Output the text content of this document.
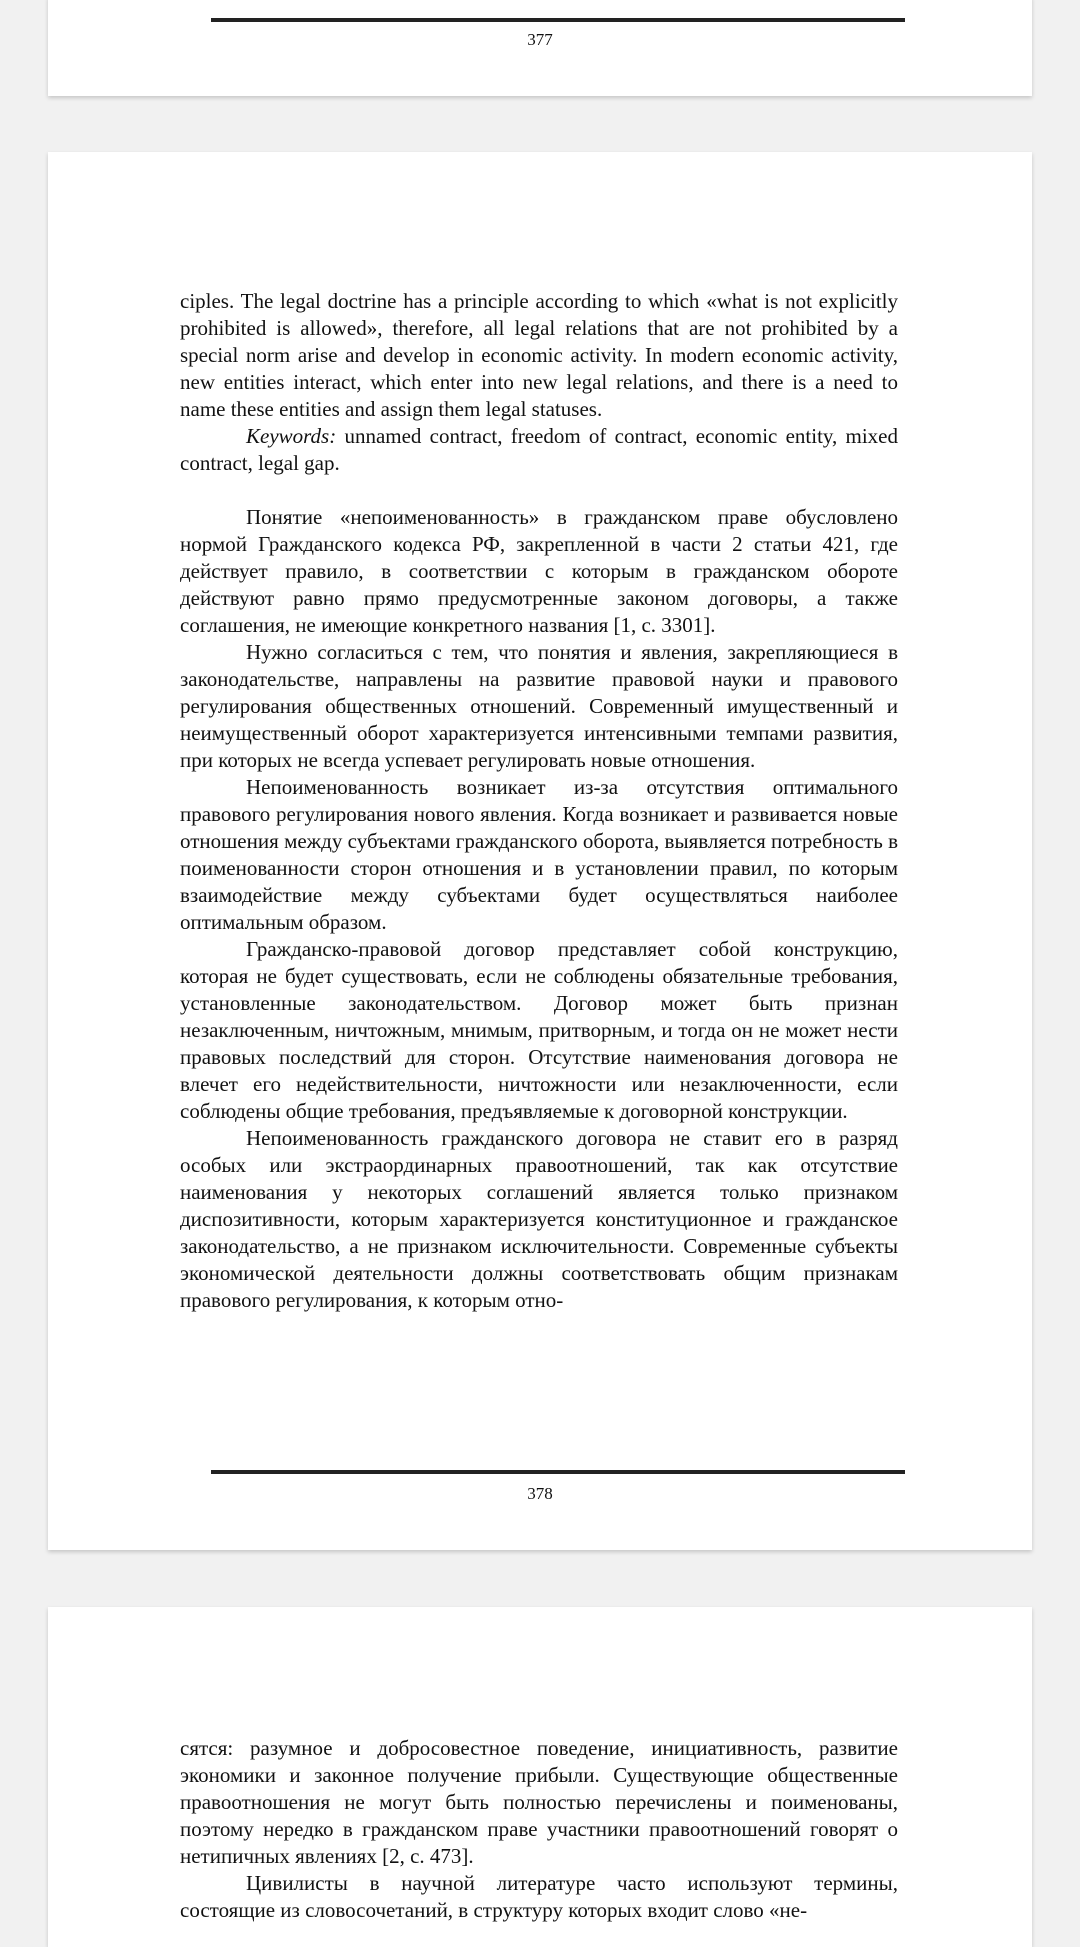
377

ciples. The legal doctrine has a principle according to which «what is not explicitly prohibited is allowed», therefore, all legal relations that are not prohibited by a special norm arise and develop in economic activity. In modern economic activity, new entities interact, which enter into new legal relations, and there is a need to name these entities and assign them legal statuses.

Keywords: unnamed contract, freedom of contract, economic entity, mixed contract, legal gap.

Понятие «непоименованность» в гражданском праве обусловлено нормой Гражданского кодекса РФ, закрепленной в части 2 статьи 421, где действует правило, в соответствии с которым в гражданском обороте действуют равно прямо предусмотренные законом договоры, а также соглашения, не имеющие конкретного названия [1, с. 3301].

Нужно согласиться с тем, что понятия и явления, закрепляющиеся в законодательстве, направлены на развитие правовой науки и правового регулирования общественных отношений. Современный имущественный и неимущественный оборот характеризуется интенсивными темпами развития, при которых не всегда успевает регулировать новые отношения.

Непоименованность возникает из-за отсутствия оптимального правового регулирования нового явления. Когда возникает и развивается новые отношения между субъектами гражданского оборота, выявляется потребность в поименованности сторон отношения и в установлении правил, по которым взаимодействие между субъектами будет осуществляться наиболее оптимальным образом.

Гражданско-правовой договор представляет собой конструкцию, которая не будет существовать, если не соблюдены обязательные требования, установленные законодательством. Договор может быть признан незаключенным, ничтожным, мнимым, притворным, и тогда он не может нести правовых последствий для сторон. Отсутствие наименования договора не влечет его недействительности, ничтожности или незаключенности, если соблюдены общие требования, предъявляемые к договорной конструкции.

Непоименованность гражданского договора не ставит его в разряд особых или экстраординарных правоотношений, так как отсутствие наименования у некоторых соглашений является только признаком диспозитивности, которым характеризуется конституционное и гражданское законодательство, а не признаком исключительности. Современные субъекты экономической деятельности должны соответствовать общим признакам правового регулирования, к которым отно-

378

сятся: разумное и добросовестное поведение, инициативность, развитие экономики и законное получение прибыли. Существующие общественные правоотношения не могут быть полностью перечислены и поименованы, поэтому нередко в гражданском праве участники правоотношений говорят о нетипичных явлениях [2, с. 473].

Цивилисты в научной литературе часто используют термины, состоящие из словосочетаний, в структуру которых входит слово «не-
